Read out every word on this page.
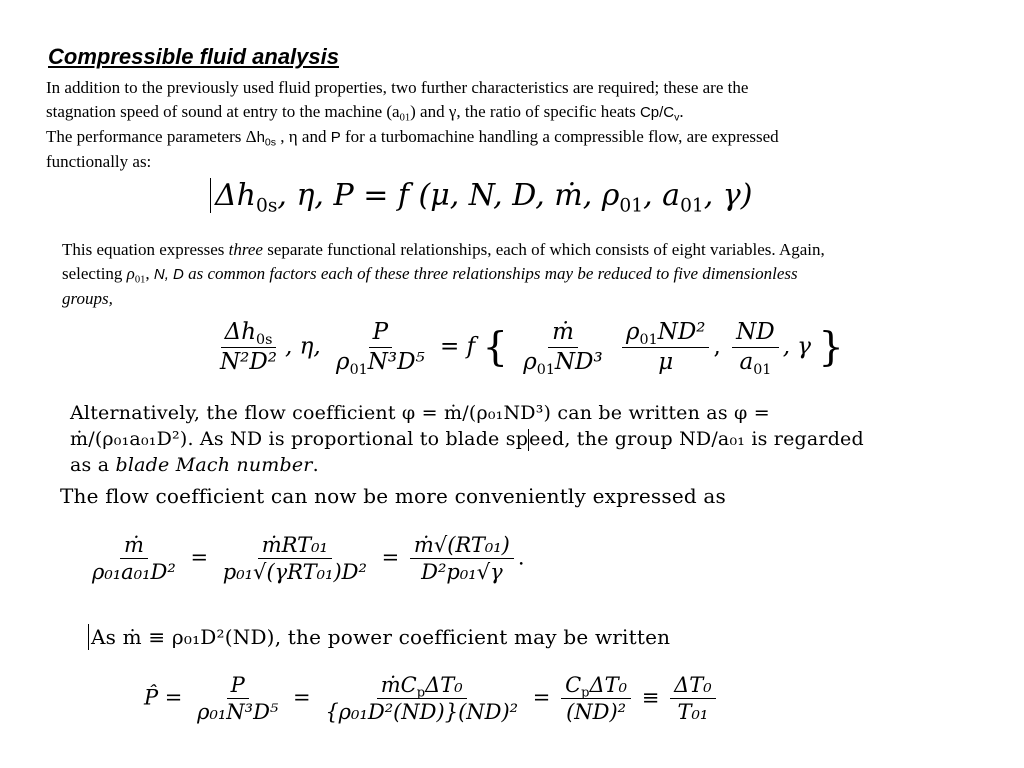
Compressible fluid analysis
In addition to the previously used fluid properties, two further characteristics are required; these are the
stagnation speed of sound at entry to the machine $(a_{01})$ and γ, the ratio of specific heats $Cp/C_v$.
The performance parameters $\Delta h_{0s}$ , η and P for a turbomachine handling a compressible flow, are expressed
functionally as:
$\Delta h_{0s}$, η, P = f (μ, N, D, ṁ, $\rho_{01}$, $a_{01}$, γ)
This equation expresses three separate functional relationships, each of which consists of eight variables. Again,
selecting $\rho_{01}$, N, D as common factors each of these three relationships may be reduced to five dimensionless
groups,
$\frac{\Delta h_{0s}}{\text{N²D²}}$ , η, $\frac{P}{\rho_{01}N^3D^5} = f$ { $\frac{\text{ṁ}}{\rho_{01}ND^3}$
$\frac{\rho_{01}ND^2}{\mu}$ , $\frac{ND}{a_{01}}$ , γ }
Alternatively, the flow coefficient φ = ṁ/(ρ₀₁ND³) can be written as φ =
ṁ/(ρ₀₁a₀₁D²). As ND is proportional to blade speed, the group ND/a₀₁ is regarded
as a blade Mach number.
The flow coefficient can now be more conveniently expressed as
$\frac{\text{ṁ}}{\text{ρ₀₁a₀₁D²}} = \frac{\text{ṁRT₀₁}}{\text{p₀₁√(γRT₀₁)D²}} = \frac{\text{ṁ√(RT₀₁)}}{\text{D²p₀₁√γ}}$ .
As ṁ ≡ ρ₀₁D²(ND), the power coefficient may be written
P̂ = $\frac{P}{\text{ρ₀₁N³D⁵}} = \frac{ṁC_p\Delta T_0}{\text{\{ρ₀₁D²(ND)\}(ND)²}} = \frac{C_p\Delta T_0}{\text{(ND)²}} \equiv \frac{\text{ΔT₀}}{\text{T₀₁}}$
